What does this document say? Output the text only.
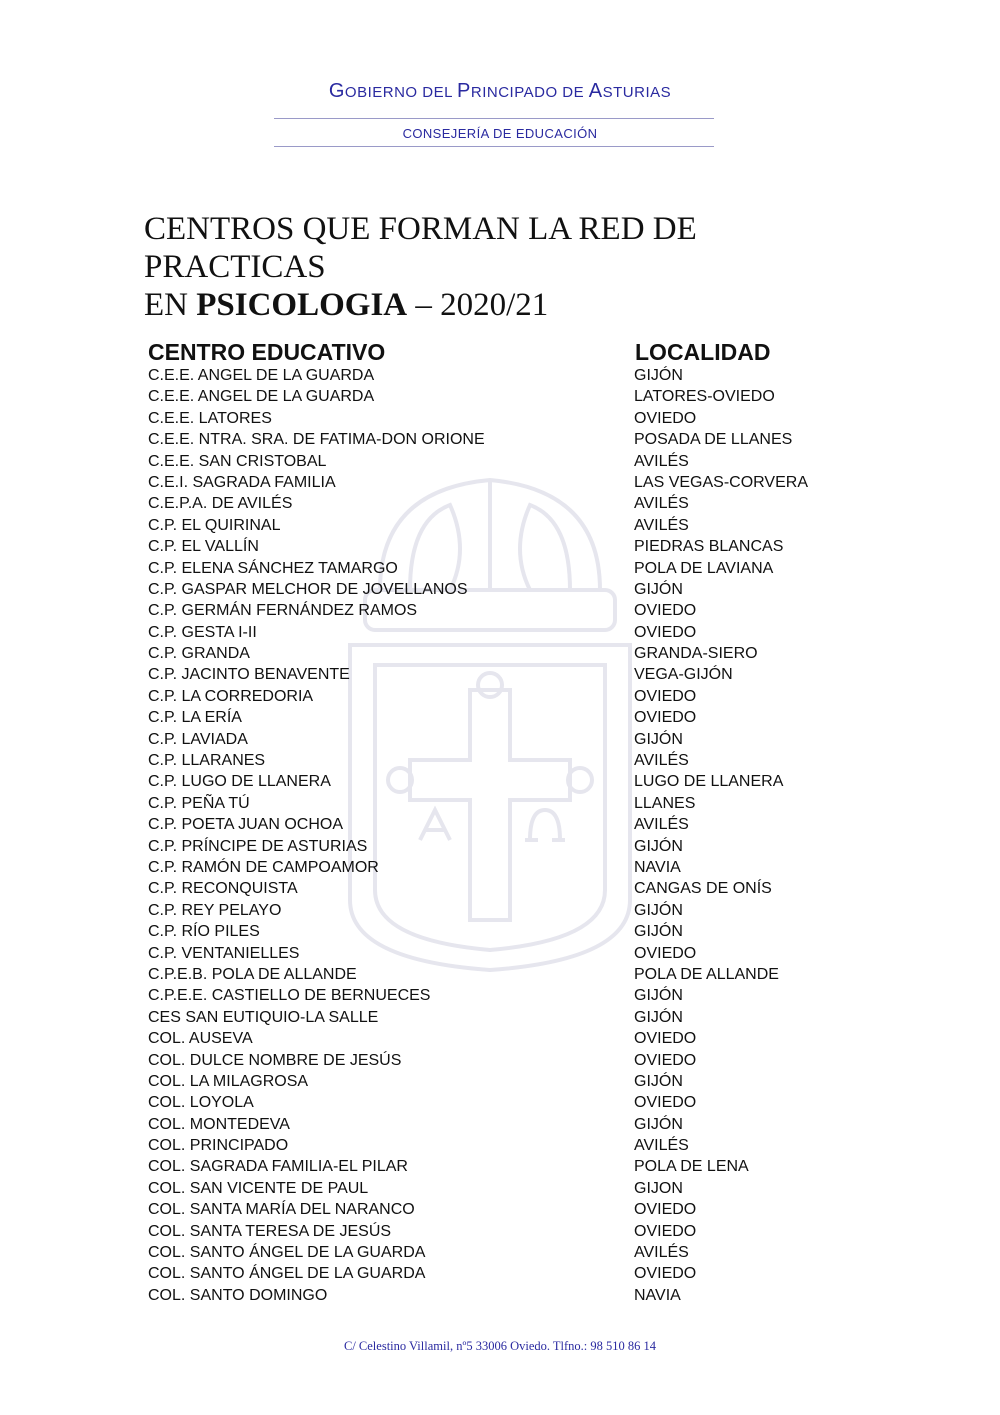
GOBIERNO DEL PRINCIPADO DE ASTURIAS
CONSEJERÍA DE EDUCACIÓN
CENTROS QUE FORMAN LA RED DE PRACTICAS
EN PSICOLOGIA – 2020/21
CENTRO EDUCATIVO	LOCALIDAD
C.E.E. ANGEL DE LA GUARDA	GIJÓN
C.E.E. ANGEL DE LA GUARDA	LATORES-OVIEDO
C.E.E. LATORES	OVIEDO
C.E.E. NTRA. SRA. DE FATIMA-DON ORIONE	POSADA DE LLANES
C.E.E. SAN CRISTOBAL	AVILÉS
C.E.I. SAGRADA FAMILIA	LAS VEGAS-CORVERA
C.E.P.A. DE AVILÉS	AVILÉS
C.P. EL QUIRINAL	AVILÉS
C.P. EL VALLÍN	PIEDRAS BLANCAS
C.P. ELENA SÁNCHEZ TAMARGO	POLA DE LAVIANA
C.P. GASPAR MELCHOR DE JOVELLANOS	GIJÓN
C.P. GERMÁN FERNÁNDEZ RAMOS	OVIEDO
C.P. GESTA I-II	OVIEDO
C.P. GRANDA	GRANDA-SIERO
C.P. JACINTO BENAVENTE	VEGA-GIJÓN
C.P. LA CORREDORIA	OVIEDO
C.P. LA ERÍA	OVIEDO
C.P. LAVIADA	GIJÓN
C.P. LLARANES	AVILÉS
C.P. LUGO DE LLANERA	LUGO DE LLANERA
C.P. PEÑA TÚ	LLANES
C.P. POETA JUAN OCHOA	AVILÉS
C.P. PRÍNCIPE DE ASTURIAS	GIJÓN
C.P. RAMÓN DE CAMPOAMOR	NAVIA
C.P. RECONQUISTA	CANGAS DE ONÍS
C.P. REY PELAYO	GIJÓN
C.P. RÍO PILES	GIJÓN
C.P. VENTANIELLES	OVIEDO
C.P.E.B. POLA DE ALLANDE	POLA DE ALLANDE
C.P.E.E. CASTIELLO DE BERNUECES	GIJÓN
CES SAN EUTIQUIO-LA SALLE	GIJÓN
COL. AUSEVA	OVIEDO
COL. DULCE NOMBRE DE JESÚS	OVIEDO
COL. LA MILAGROSA	GIJÓN
COL. LOYOLA	OVIEDO
COL. MONTEDEVA	GIJÓN
COL. PRINCIPADO	AVILÉS
COL. SAGRADA FAMILIA-EL PILAR	POLA DE LENA
COL. SAN VICENTE DE PAUL	GIJON
COL. SANTA MARÍA DEL NARANCO	OVIEDO
COL. SANTA TERESA DE JESÚS	OVIEDO
COL. SANTO ÁNGEL DE LA GUARDA	AVILÉS
COL. SANTO ÁNGEL DE LA GUARDA	OVIEDO
COL. SANTO DOMINGO	NAVIA
C/ Celestino Villamil, nº5 33006 Oviedo. Tlfno.: 98 510 86 14
